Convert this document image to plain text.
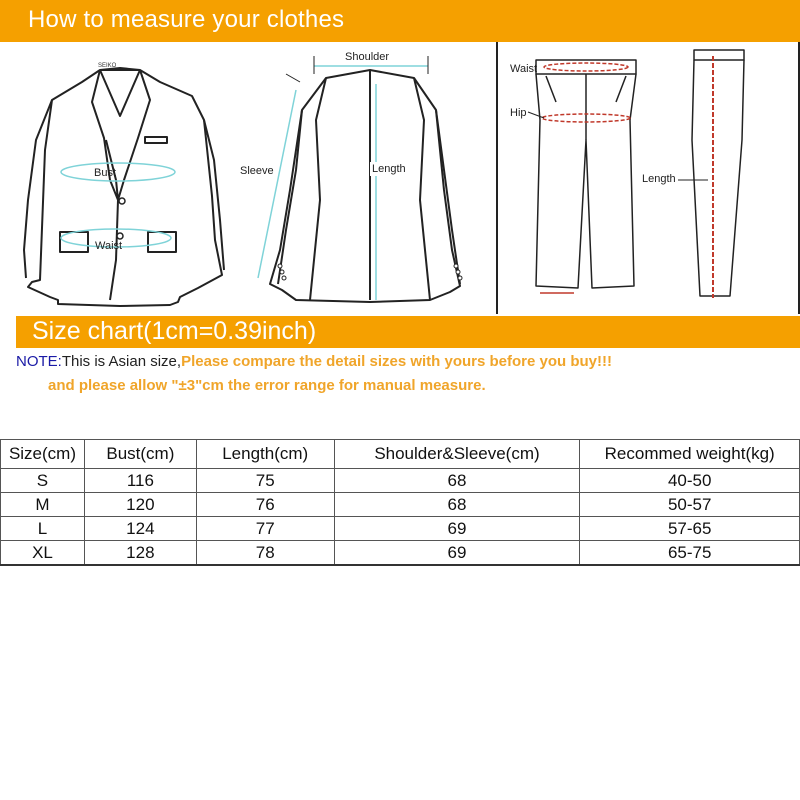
How to measure your clothes
SEIKO
Bust
Waist
Shoulder
Sleeve	Length
Waist
Hip
Length
Size chart(1cm=0.39inch)
NOTE:This is Asian size,Please compare the detail sizes with yours before you buy!!!
and please allow "±3"cm the error range for manual measure.
Size(cm)	Bust(cm)	Length(cm)	Shoulder&Sleeve(cm)	Recommed weight(kg)
S	116	75	68	40-50
M	120	76	68	50-57
L	124	77	69	57-65
XL	128	78	69	65-75
